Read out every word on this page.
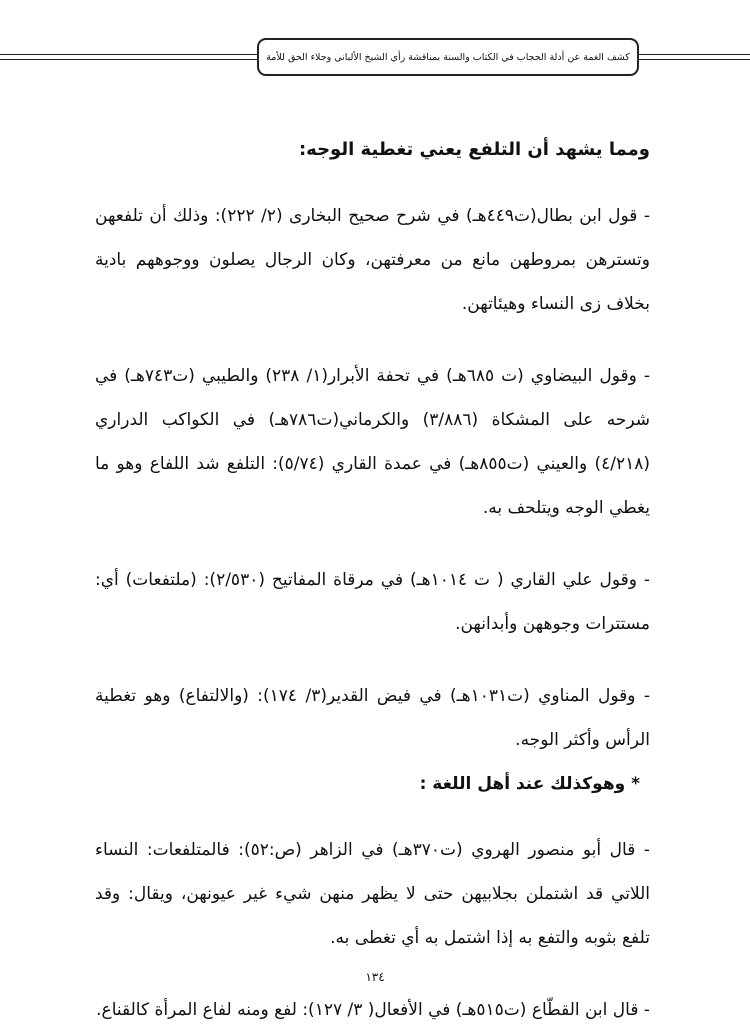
كشف الغمة عن أدلة الحجاب في الكتاب والسنة بمناقشة رأي الشيخ الألباني وجلاء الحق للأمة

ومما يشهد أن التلفع يعني تغطية الوجه:

- قول ابن بطال(ت٤٤٩هـ) في شرح صحيح البخارى (٢/ ٢٢٢): وذلك أن تلفعهن وتسترهن بمروطهن مانع من معرفتهن، وكان الرجال يصلون ووجوههم بادية بخلاف زى النساء وهيئاتهن.

- وقول البيضاوي (ت ٦٨٥هـ) في تحفة الأبرار(١/ ٢٣٨) والطيبي (ت٧٤٣هـ) في شرحه على المشكاة (٣/٨٨٦) والكرماني(ت٧٨٦هـ) في الكواكب الدراري (٤/٢١٨) والعيني (ت٨٥٥هـ) في عمدة القاري (٥/٧٤): التلفع شد اللفاع وهو ما يغطي الوجه ويتلحف به.

- وقول علي القاري ( ت ١٠١٤هـ) في مرقاة المفاتيح (٢/٥٣٠): (ملتفعات) أي: مستترات وجوههن وأبدانهن.

- وقول المناوي (ت١٠٣١هـ) في فيض القدير(٣/ ١٧٤): (والالتفاع) وهو تغطية الرأس وأكثر الوجه.

* وهوكذلك عند أهل اللغة :

- قال أبو منصور الهروي (ت٣٧٠هـ) في الزاهر (ص:٥٢): فالمتلفعات: النساء اللاتي قد اشتملن بجلابيهن حتى لا يظهر منهن شيء غير عيونهن، ويقال: وقد تلفع بثوبه والتفع به إذا اشتمل به أي تغطى به.

- قال ابن القطّاع (ت٥١٥هـ) في الأفعال( ٣/ ١٢٧): لفع ومنه لفاع المرأة كالقناع.

١٣٤
